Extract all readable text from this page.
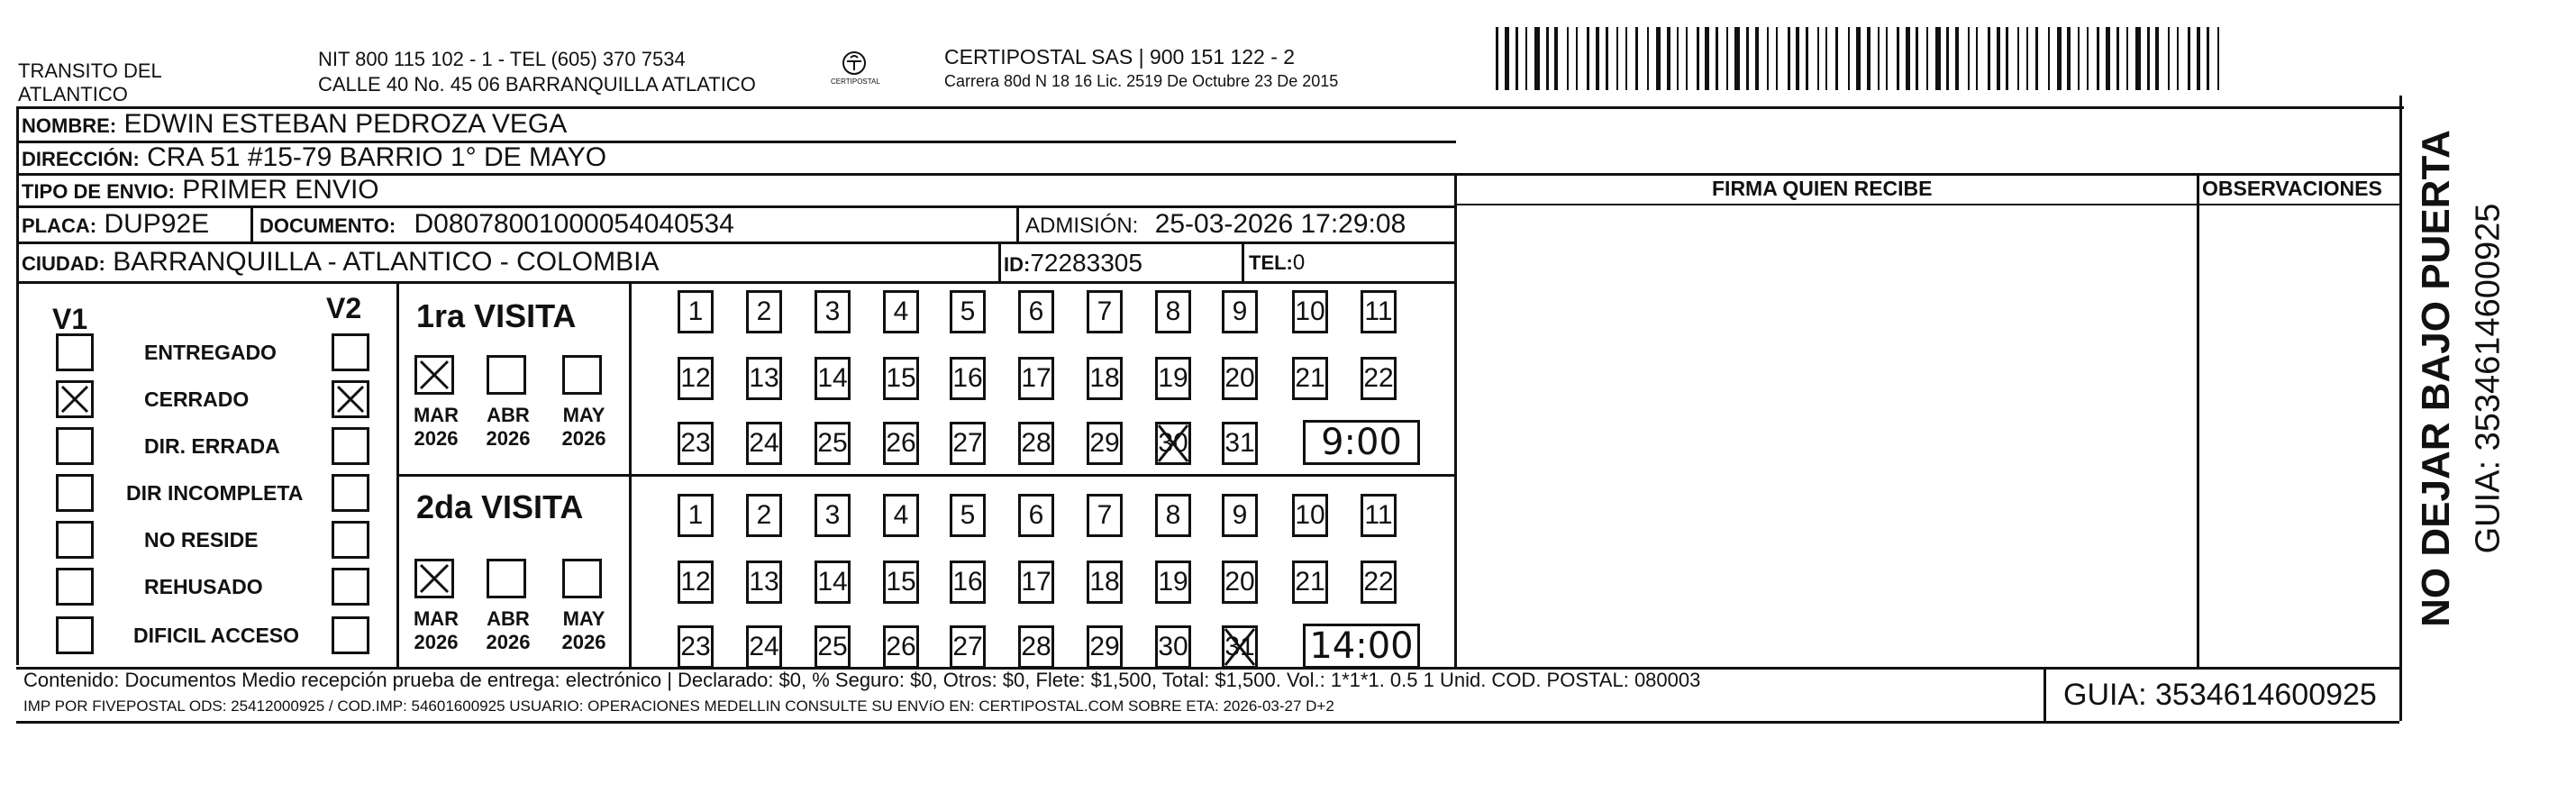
TRANSITO DEL
ATLANTICO
NIT 800 115 102 - 1 - TEL (605) 370 7534
CALLE 40 No. 45 06 BARRANQUILLA ATLATICO	CERTIPOSTAL
CERTIPOSTAL SAS | 900 151 122 - 2
Carrera 80d N 18 16 Lic. 2519 De Octubre 23 De 2015
NOMBRE: EDWIN ESTEBAN PEDROZA VEGA
DIRECCIÓN: CRA 51 #15-79 BARRIO 1° DE MAYO
TIPO DE ENVIO: PRIMER ENVIO
PLACA: DUP92E	DOCUMENTO: D08078001000054040534	ADMISIÓN: 25-03-2026 17:29:08
CIUDAD: BARRANQUILLA - ATLANTICO - COLOMBIA	ID:72283305	TEL:0
FIRMA QUIEN RECIBE	OBSERVACIONES NO DEJAR BAJO PUERTA GUIA: 3534614600925
V1	V2 1ra VISITA
2da VISITA
Contenido: Documentos Medio recepción prueba de entrega: electrónico | Declarado: $0, % Seguro: $0, Otros: $0, Flete: $1,500, Total: $1,500. Vol.: 1*1*1. 0.5 1 Unid. COD. POSTAL: 080003
IMP POR FIVEPOSTAL ODS: 25412000925 / COD.IMP: 54601600925 USUARIO: OPERACIONES MEDELLIN CONSULTE SU ENVíO EN: CERTIPOSTAL.COM SOBRE ETA: 2026-03-27 D+2	GUIA: 3534614600925
ENTREGADO
CERRADO
DIR. ERRADA
DIR INCOMPLETA
NO RESIDE
REHUSADO
DIFICIL ACCESO
MAR
2026
ABR
2026
MAY
2026
1	2	3	4	5	6	7	8	9	10 11
12 13 14 15 16 17 18 19 20 21 22
23 24 25 26 27 28 29 30 31 9:00
MAR
2026
ABR
2026
MAY
2026
1	2	3	4	5	6	7	8	9	10 11
12 13 14 15 16 17 18 19 20 21 22
23 24 25 26 27 28 29 30 31 14:00
